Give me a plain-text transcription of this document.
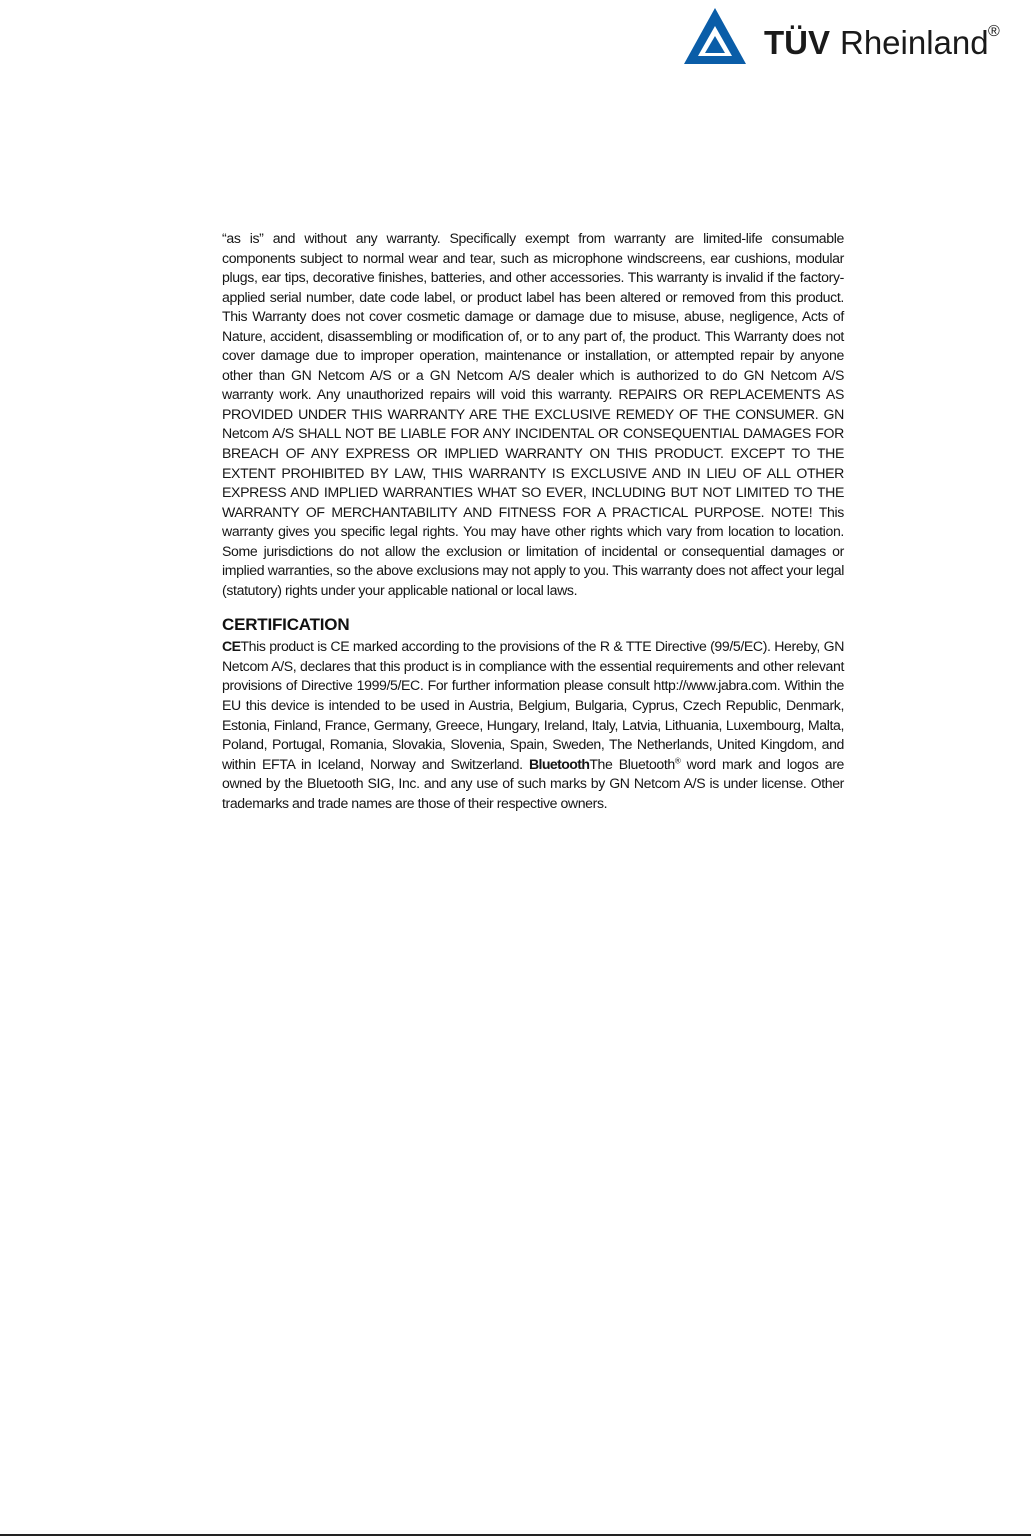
TÜV Rheinland ®

“as is” and without any warranty. Specifically exempt from warranty are limited-life consumable components subject to normal wear and tear, such as microphone windscreens, ear cushions, modular plugs, ear tips, decorative finishes, batteries, and other accessories. This warranty is invalid if the factory-applied serial number, date code label, or product label has been altered or removed from this product. This Warranty does not cover cosmetic damage or damage due to misuse, abuse, negligence, Acts of Nature, accident, disassembling or modification of, or to any part of, the product. This Warranty does not cover damage due to improper operation, maintenance or installation, or attempted repair by anyone other than GN Netcom A/S or a GN Netcom A/S dealer which is authorized to do GN Netcom A/S warranty work. Any unauthorized repairs will void this warranty. REPAIRS OR REPLACEMENTS AS PROVIDED UNDER THIS WARRANTY ARE THE EXCLUSIVE REMEDY OF THE CONSUMER. GN Netcom A/S SHALL NOT BE LIABLE FOR ANY INCIDENTAL OR CONSEQUENTIAL DAMAGES FOR BREACH OF ANY EXPRESS OR IMPLIED WARRANTY ON THIS PRODUCT. EXCEPT TO THE EXTENT PROHIBITED BY LAW, THIS WARRANTY IS EXCLUSIVE AND IN LIEU OF ALL OTHER EXPRESS AND IMPLIED WARRANTIES WHAT SO EVER, INCLUDING BUT NOT LIMITED TO THE WARRANTY OF MERCHANTABILITY AND FITNESS FOR A PRACTICAL PURPOSE. NOTE! This warranty gives you specific legal rights. You may have other rights which vary from location to location. Some jurisdictions do not allow the exclusion or limitation of incidental or consequential damages or implied warranties, so the above exclusions may not apply to you. This warranty does not affect your legal (statutory) rights under your applicable national or local laws.

CERTIFICATION

CEThis product is CE marked according to the provisions of the R & TTE Directive (99/5/EC). Hereby, GN Netcom A/S, declares that this product is in compliance with the essential requirements and other relevant provisions of Directive 1999/5/EC. For further information please consult http://www.jabra.com. Within the EU this device is intended to be used in Austria, Belgium, Bulgaria, Cyprus, Czech Republic, Denmark, Estonia, Finland, France, Germany, Greece, Hungary, Ireland, Italy, Latvia, Lithuania, Luxembourg, Malta, Poland, Portugal, Romania, Slovakia, Slovenia, Spain, Sweden, The Netherlands, United Kingdom, and within EFTA in Iceland, Norway and Switzerland. BluetoothThe Bluetooth® word mark and logos are owned by the Bluetooth SIG, Inc. and any use of such marks by GN Netcom A/S is under license. Other trademarks and trade names are those of their respective owners.
